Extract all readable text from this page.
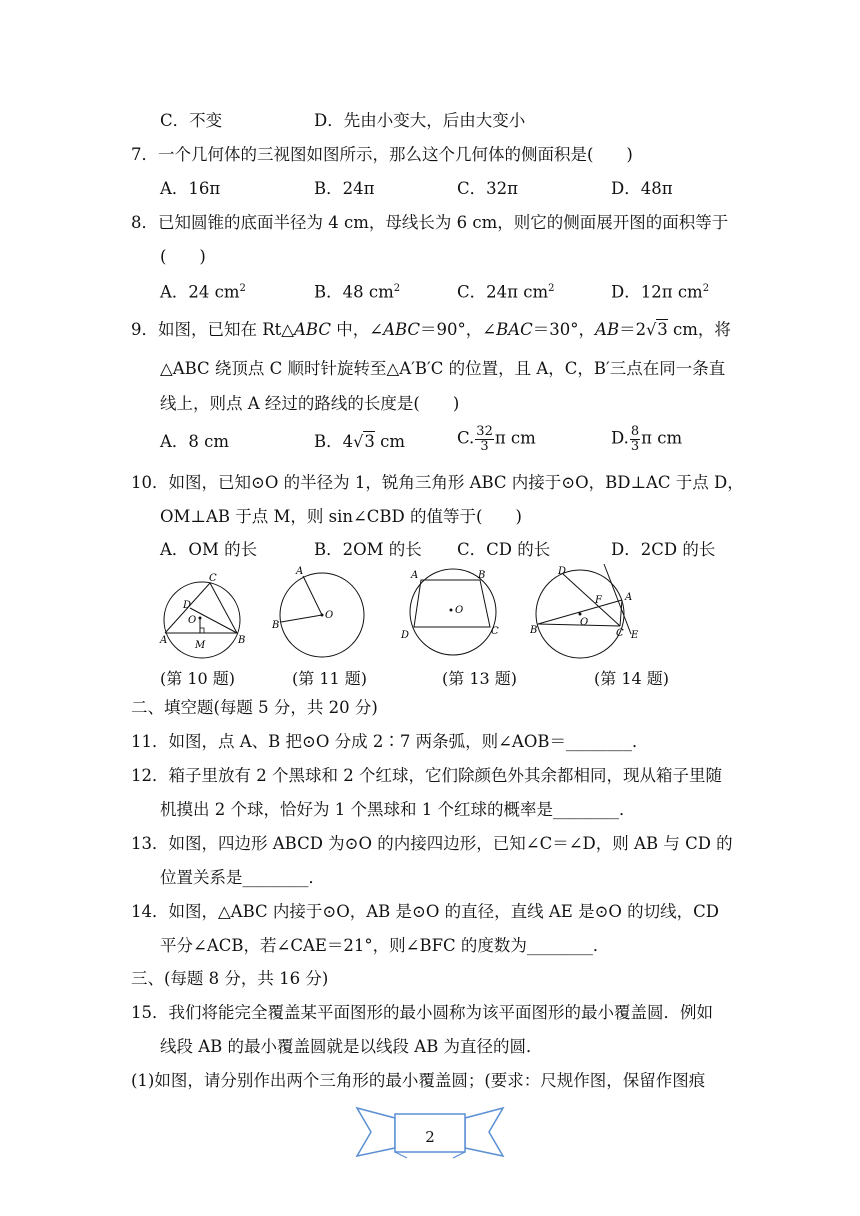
C．不变	D．先由小变大，后由大变小
7．一个几何体的三视图如图所示，那么这个几何体的侧面积是(　　)
A．16π	B．24π	C．32π	D．48π
8．已知圆锥的底面半径为 4 cm，母线长为 6 cm，则它的侧面展开图的面积等于
(　　)
A．24 $cm^2$	B．48 $cm^2$	C．24π $cm^2$	D．12π $cm^2$
9．如图，已知在 Rt△ABC 中，∠ABC＝90°，∠BAC＝30°，AB＝2√3 cm，将
△ABC 绕顶点 C 顺时针旋转至△A′B′C 的位置，且 A，C，B′三点在同一条直
线上，则点 A 经过的路线的长度是(　　)
A．8 cm	B．4√3 cm	C. $\frac{32}{3}$ π cm	D. $\frac{8}{3}$ π cm
10．如图，已知⊙O 的半径为 1，锐角三角形 ABC 内接于⊙O，BD⊥AC 于点 D，
OM⊥AB 于点 M，则 sin∠CBD 的值等于(　　)
A．OM 的长	B．2OM 的长 C．CD 的长	D．2CD 的长
A	B
C
D
O
M
(第 10 题)
A
B
O
(第 11 题)
A	B
C
D
O
(第 13 题)
A
B	C
D
E
F
O
(第 14 题)
二、填空题(每题 5 分，共 20 分)
11．如图，点 A、B 把⊙O 分成 2∶7 两条弧，则∠AOB＝________．
12．箱子里放有 2 个黑球和 2 个红球，它们除颜色外其余都相同，现从箱子里随
机摸出 2 个球，恰好为 1 个黑球和 1 个红球的概率是________．
13．如图，四边形 ABCD 为⊙O 的内接四边形，已知∠C＝∠D，则 AB 与 CD 的
位置关系是________．
14．如图，△ABC 内接于⊙O，AB 是⊙O 的直径，直线 AE 是⊙O 的切线，CD
平分∠ACB，若∠CAE＝21°，则∠BFC 的度数为________．
三、(每题 8 分，共 16 分)
15．我们将能完全覆盖某平面图形的最小圆称为该平面图形的最小覆盖圆．例如
线段 AB 的最小覆盖圆就是以线段 AB 为直径的圆．
(1)如图，请分别作出两个三角形的最小覆盖圆；(要求：尺规作图，保留作图痕
2
